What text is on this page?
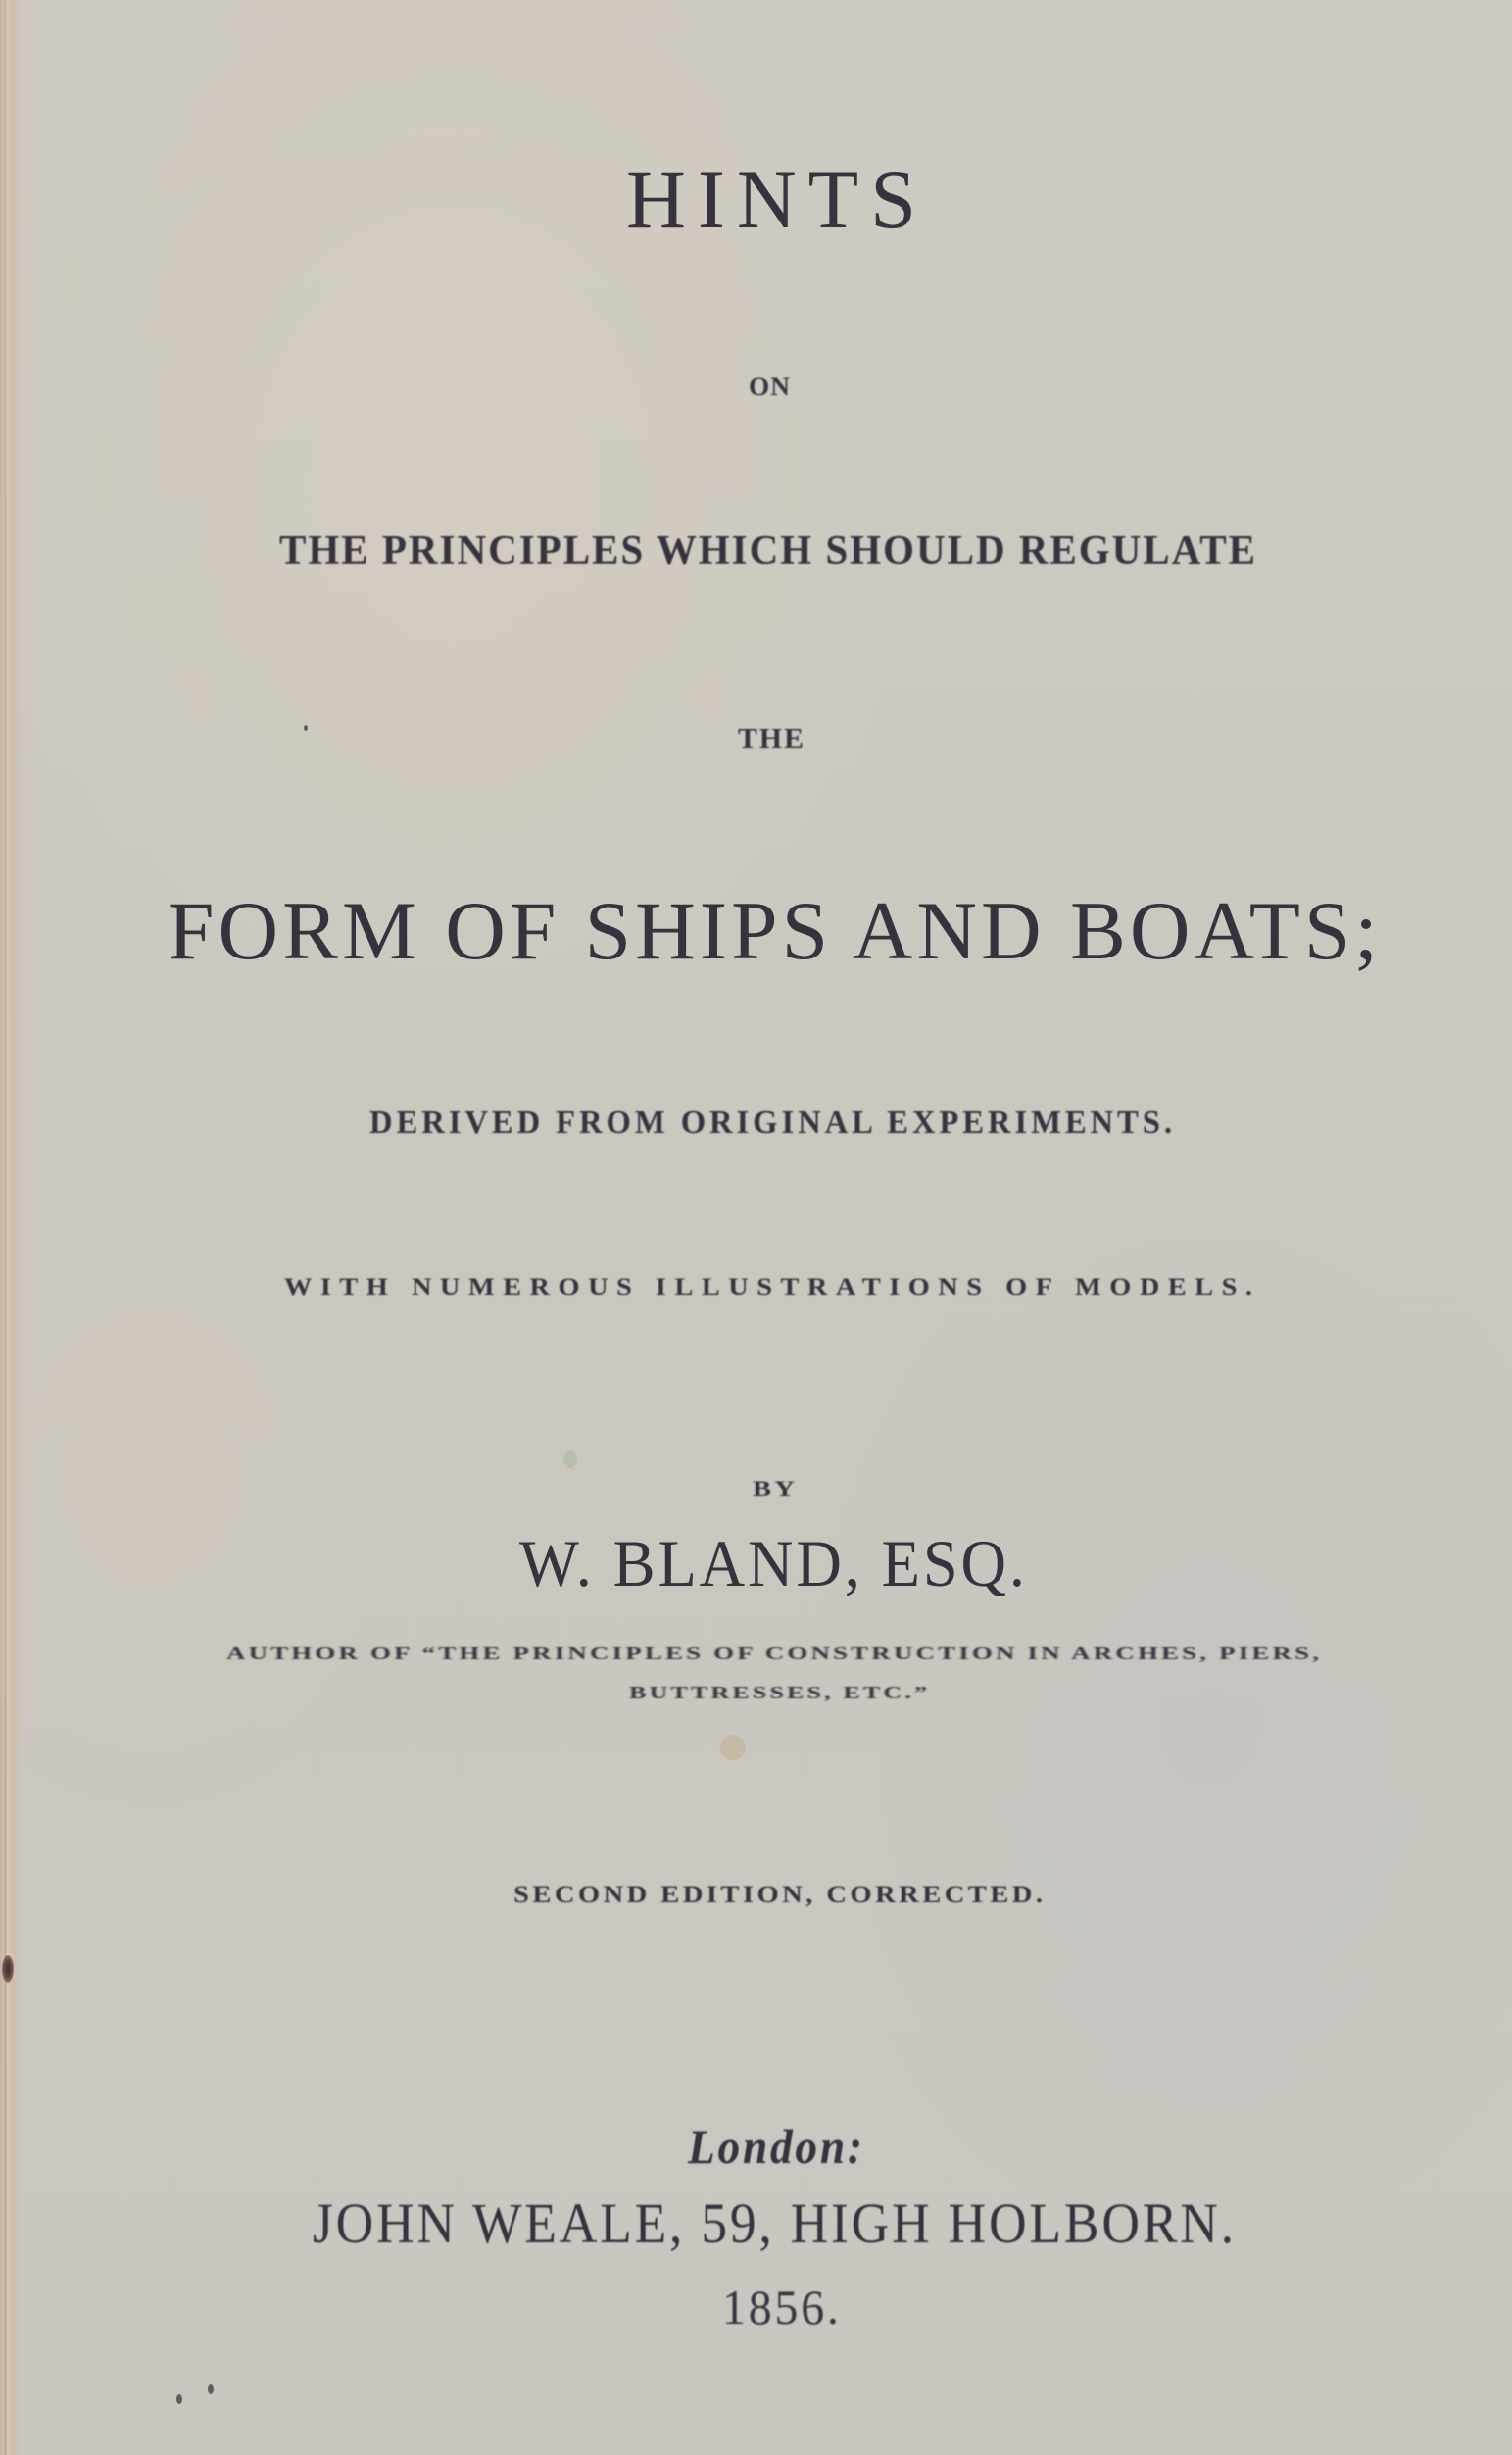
HINTS
ON
THE PRINCIPLES WHICH SHOULD REGULATE
THE
FORM OF SHIPS AND BOATS;
DERIVED FROM ORIGINAL EXPERIMENTS.
WITH NUMEROUS ILLUSTRATIONS OF MODELS.
BY
W. BLAND, ESQ.
AUTHOR OF “THE PRINCIPLES OF CONSTRUCTION IN ARCHES, PIERS,
BUTTRESSES, ETC.”
SECOND EDITION, CORRECTED.
London:
JOHN WEALE, 59, HIGH HOLBORN.
1856.
